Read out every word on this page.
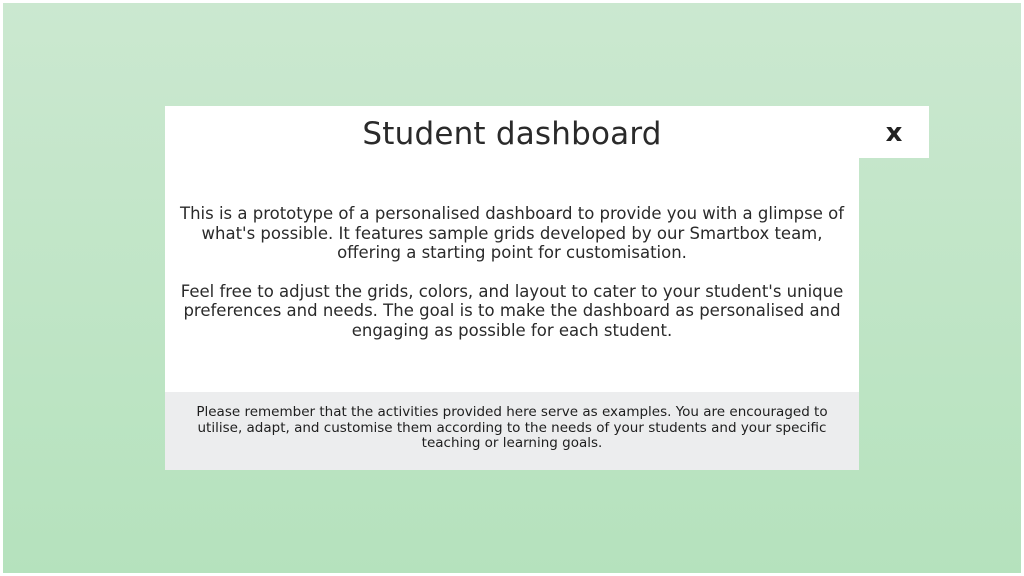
Student dashboard

This is a prototype of a personalised dashboard to provide you with a glimpse of what's possible. It features sample grids developed by our Smartbox team, offering a starting point for customisation.

Feel free to adjust the grids, colors, and layout to cater to your student's unique preferences and needs. The goal is to make the dashboard as personalised and engaging as possible for each student.

Please remember that the activities provided here serve as examples. You are encouraged to utilise, adapt, and customise them according to the needs of your students and your specific teaching or learning goals.
x
